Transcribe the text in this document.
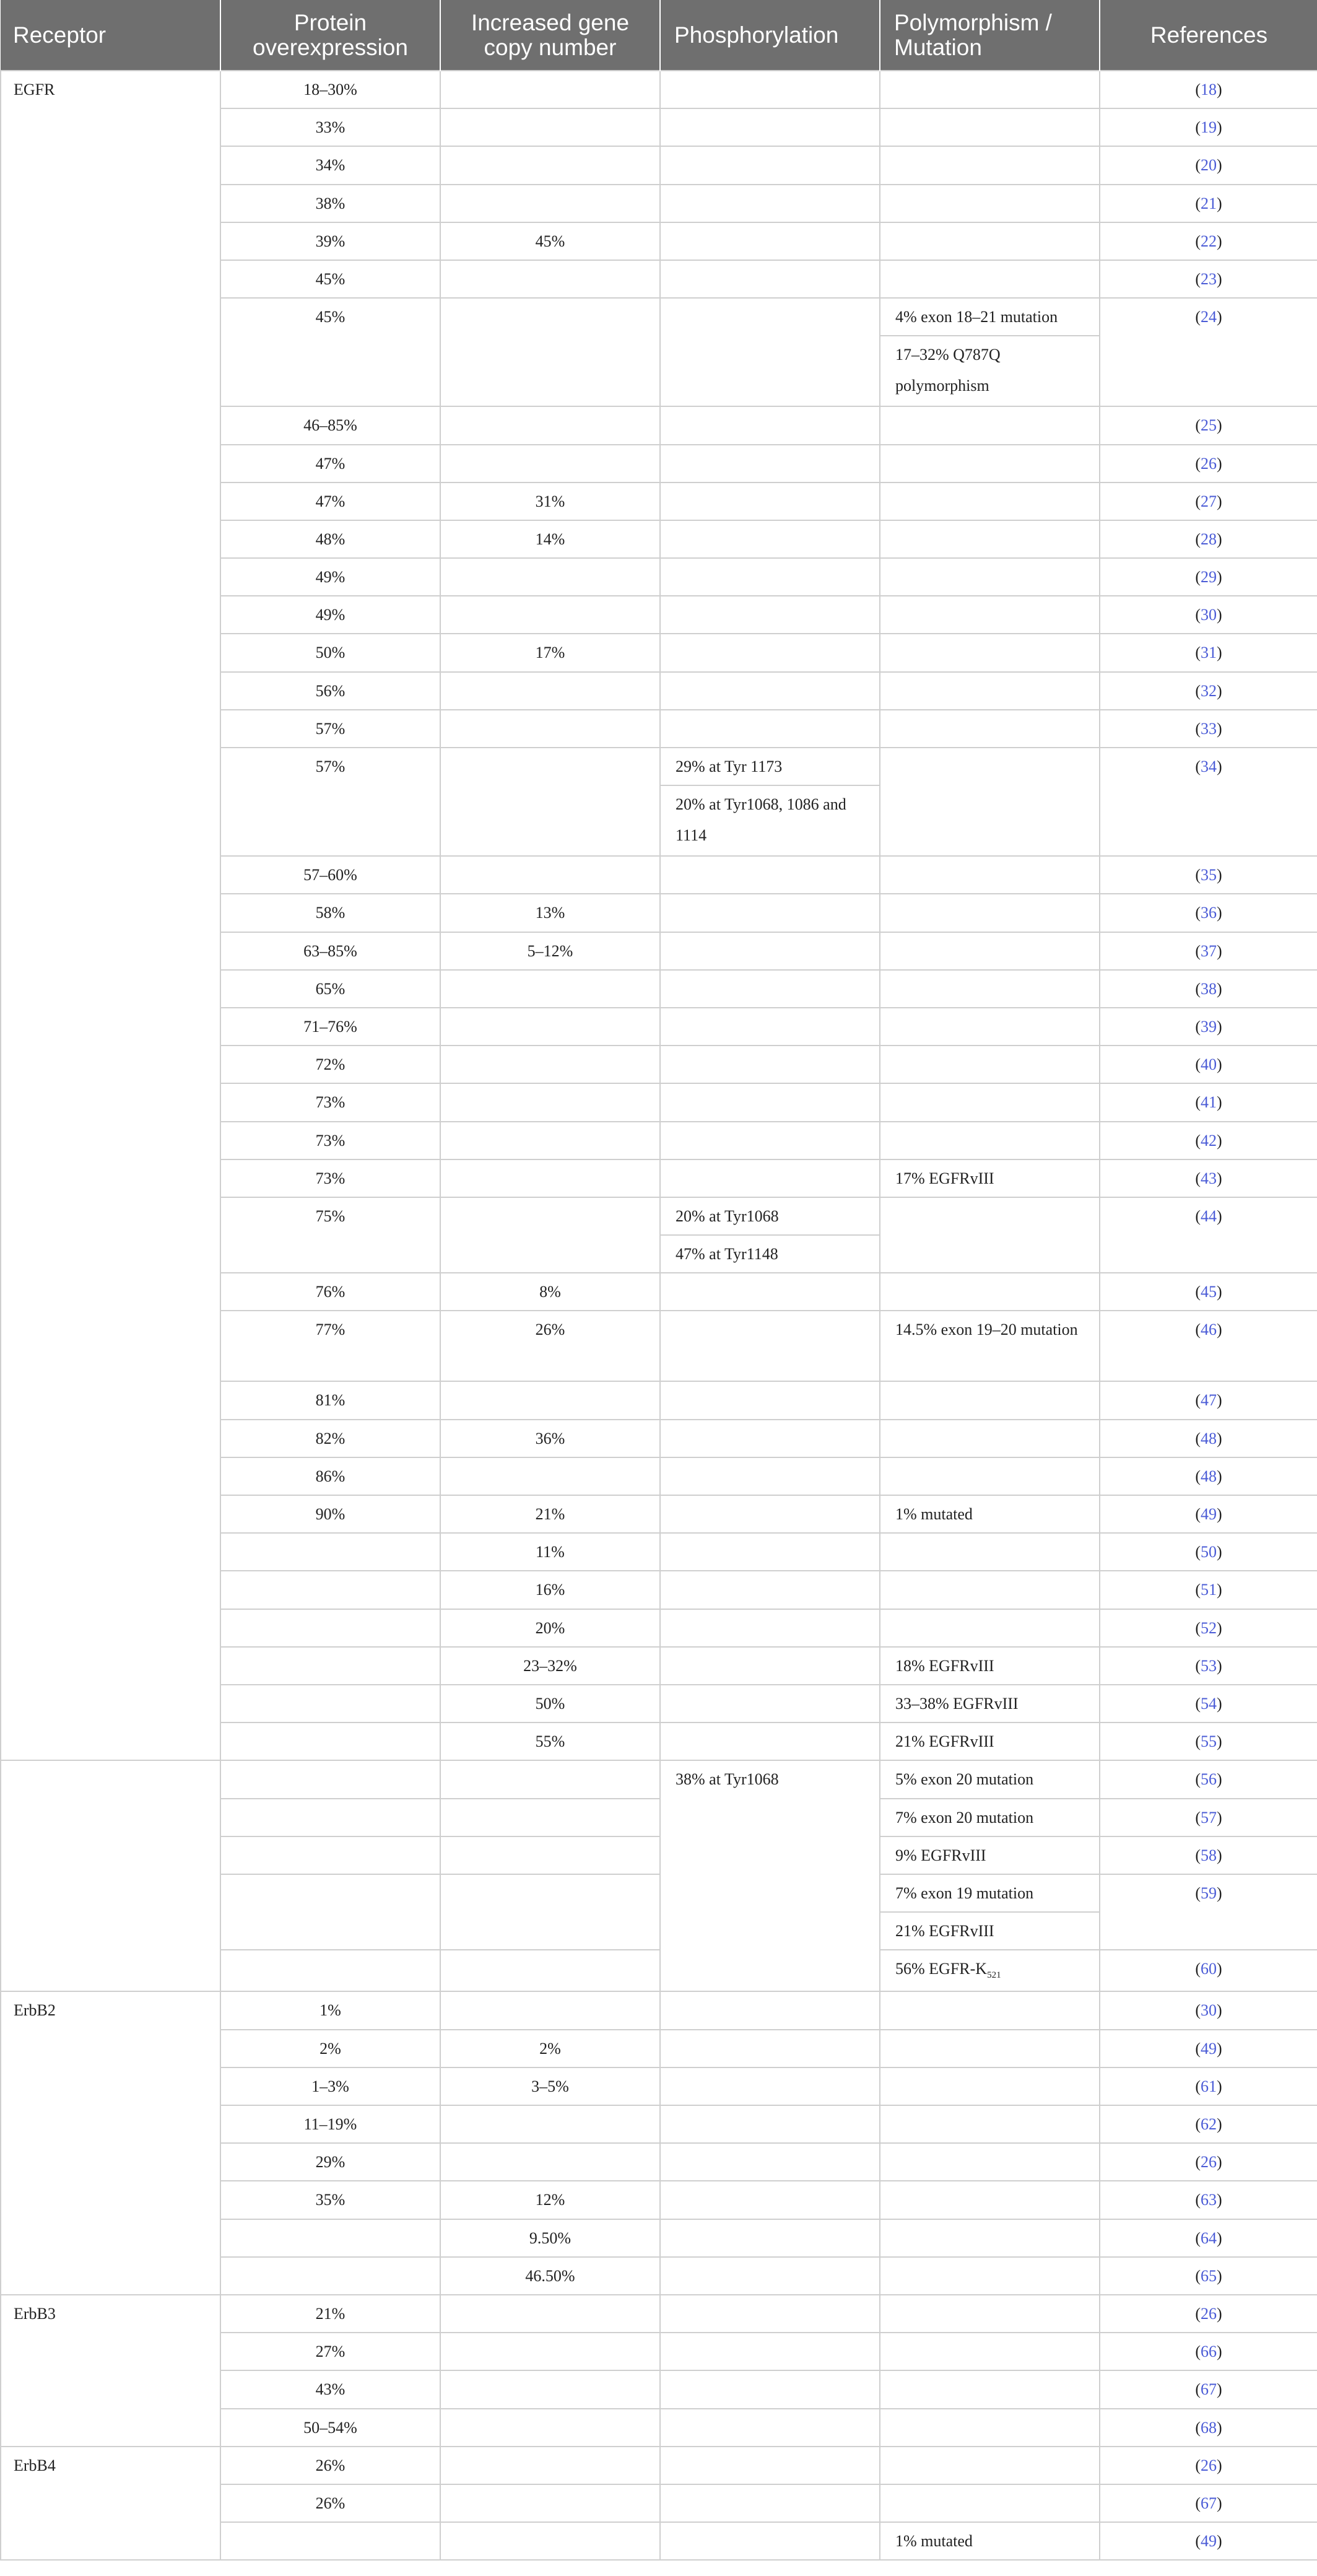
Receptor	Protein overexpression	Increased gene copy number	Phosphorylation	Polymorphism / Mutation	References
EGFR	18–30%				(18)
	33%				(19)
	34%				(20)
	38%				(21)
	39%	45%			(22)
	45%				(23)
	45%			4% exon 18–21 mutation	(24)
				17–32% Q787Q polymorphism	
	46–85%				(25)
	47%				(26)
	47%	31%			(27)
	48%	14%			(28)
	49%				(29)
	49%				(30)
	50%	17%			(31)
	56%				(32)
	57%				(33)
	57%		29% at Tyr 1173		(34)
			20% at Tyr1068, 1086 and 1114		
	57–60%				(35)
	58%	13%			(36)
	63–85%	5–12%			(37)
	65%				(38)
	71–76%				(39)
	72%				(40)
	73%				(41)
	73%				(42)
	73%			17% EGFRvIII	(43)
	75%		20% at Tyr1068		(44)
			47% at Tyr1148		
	76%	8%			(45)
	77%	26%		14.5% exon 19–20 mutation	(46)
	81%				(47)
	82%	36%			(48)
	86%				(48)
	90%	21%		1% mutated	(49)
		11%			(50)
		16%			(51)
		20%			(52)
		23–32%		18% EGFRvIII	(53)
		50%		33–38% EGFRvIII	(54)
		55%		21% EGFRvIII	(55)
			38% at Tyr1068	5% exon 20 mutation	(56)
				7% exon 20 mutation	(57)
				9% EGFRvIII	(58)
				7% exon 19 mutation	(59)
				21% EGFRvIII	
				56% EGFR-$K_{521}$	(60)
ErbB2	1%				(30)
	2%	2%			(49)
	1–3%	3–5%			(61)
	11–19%				(62)
	29%				(26)
	35%	12%			(63)
		9.50%			(64)
		46.50%			(65)
ErbB3	21%				(26)
	27%				(66)
	43%				(67)
	50–54%				(68)
ErbB4	26%				(26)
	26%				(67)
				1% mutated	(49)
